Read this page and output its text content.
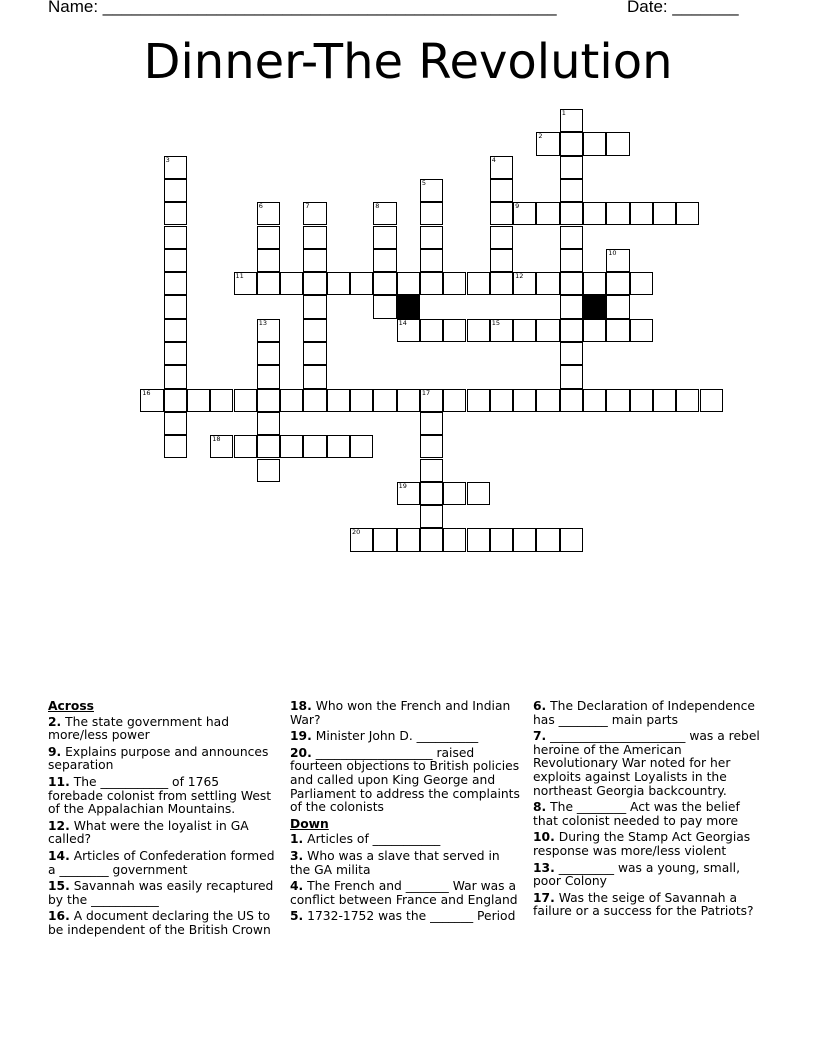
Name: ________________________________________________	Date: _______
Dinner-The Revolution
1
2
3	4
5
6	7	8	9
10
11	12
13	14	15
16	17
18
19
20
Across
2. The state government had more/less power
9. Explains purpose and announces separation
11. The ___________ of 1765 forebade colonist from settling West of the Appalachian Mountains.
12. What were the loyalist in GA called?
14. Articles of Confederation formed a ________ government
15. Savannah was easily recaptured by the ___________
16. A document declaring the US to be independent of the British Crown
18. Who won the French and Indian War?
19. Minister John D. __________
20. ___________________ raised fourteen objections to British policies and called upon King George and Parliament to address the complaints of the colonists
Down
1. Articles of ___________
3. Who was a slave that served in the GA milita
4. The French and _______ War was a conflict between France and England
5. 1732-1752 was the _______ Period
6. The Declaration of Independence has ________ main parts
7. ______________________ was a rebel heroine of the American Revolutionary War noted for her exploits against Loyalists in the northeast Georgia backcountry.
8. The ________ Act was the belief that colonist needed to pay more
10. During the Stamp Act Georgias response was more/less violent
13. _________ was a young, small, poor Colony
17. Was the seige of Savannah a failure or a success for the Patriots?
